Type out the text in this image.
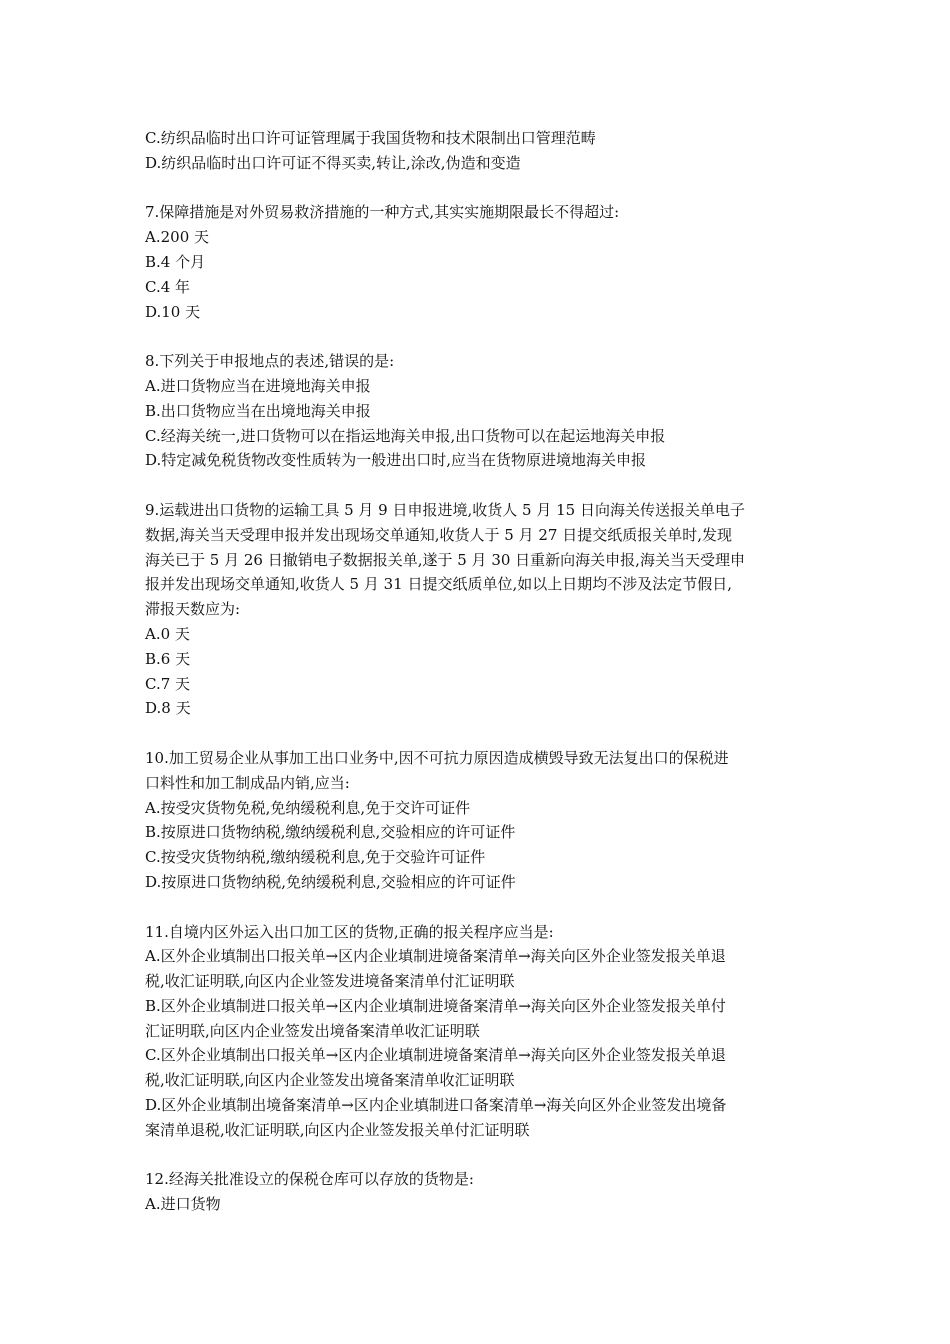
C.纺织品临时出口许可证管理属于我国货物和技术限制出口管理范畴

D.纺织品临时出口许可证不得买卖,转让,涂改,伪造和变造

7.保障措施是对外贸易救济措施的一种方式,其实实施期限最长不得超过:

A.200 天

B.4 个月

C.4 年

D.10 天

8.下列关于申报地点的表述,错误的是:

A.进口货物应当在进境地海关申报

B.出口货物应当在出境地海关申报

C.经海关统一,进口货物可以在指运地海关申报,出口货物可以在起运地海关申报

D.特定减免税货物改变性质转为一般进出口时,应当在货物原进境地海关申报

9.运载进出口货物的运输工具 5 月 9 日申报进境,收货人 5 月 15 日向海关传送报关单电子

数据,海关当天受理申报并发出现场交单通知,收货人于 5 月 27 日提交纸质报关单时,发现

海关已于 5 月 26 日撤销电子数据报关单,遂于 5 月 30 日重新向海关申报,海关当天受理申

报并发出现场交单通知,收货人 5 月 31 日提交纸质单位,如以上日期均不涉及法定节假日,

滞报天数应为:

A.0 天

B.6 天

C.7 天

D.8 天

10.加工贸易企业从事加工出口业务中,因不可抗力原因造成横毁导致无法复出口的保税进

口料性和加工制成品内销,应当:

A.按受灾货物免税,免纳缓税利息,免于交许可证件

B.按原进口货物纳税,缴纳缓税利息,交验相应的许可证件

C.按受灾货物纳税,缴纳缓税利息,免于交验许可证件

D.按原进口货物纳税,免纳缓税利息,交验相应的许可证件

11.自境内区外运入出口加工区的货物,正确的报关程序应当是:

A.区外企业填制出口报关单→区内企业填制进境备案清单→海关向区外企业签发报关单退

税,收汇证明联,向区内企业签发进境备案清单付汇证明联

B.区外企业填制进口报关单→区内企业填制进境备案清单→海关向区外企业签发报关单付

汇证明联,向区内企业签发出境备案清单收汇证明联

C.区外企业填制出口报关单→区内企业填制进境备案清单→海关向区外企业签发报关单退

税,收汇证明联,向区内企业签发出境备案清单收汇证明联

D.区外企业填制出境备案清单→区内企业填制进口备案清单→海关向区外企业签发出境备

案清单退税,收汇证明联,向区内企业签发报关单付汇证明联

12.经海关批准设立的保税仓库可以存放的货物是:

A.进口货物
